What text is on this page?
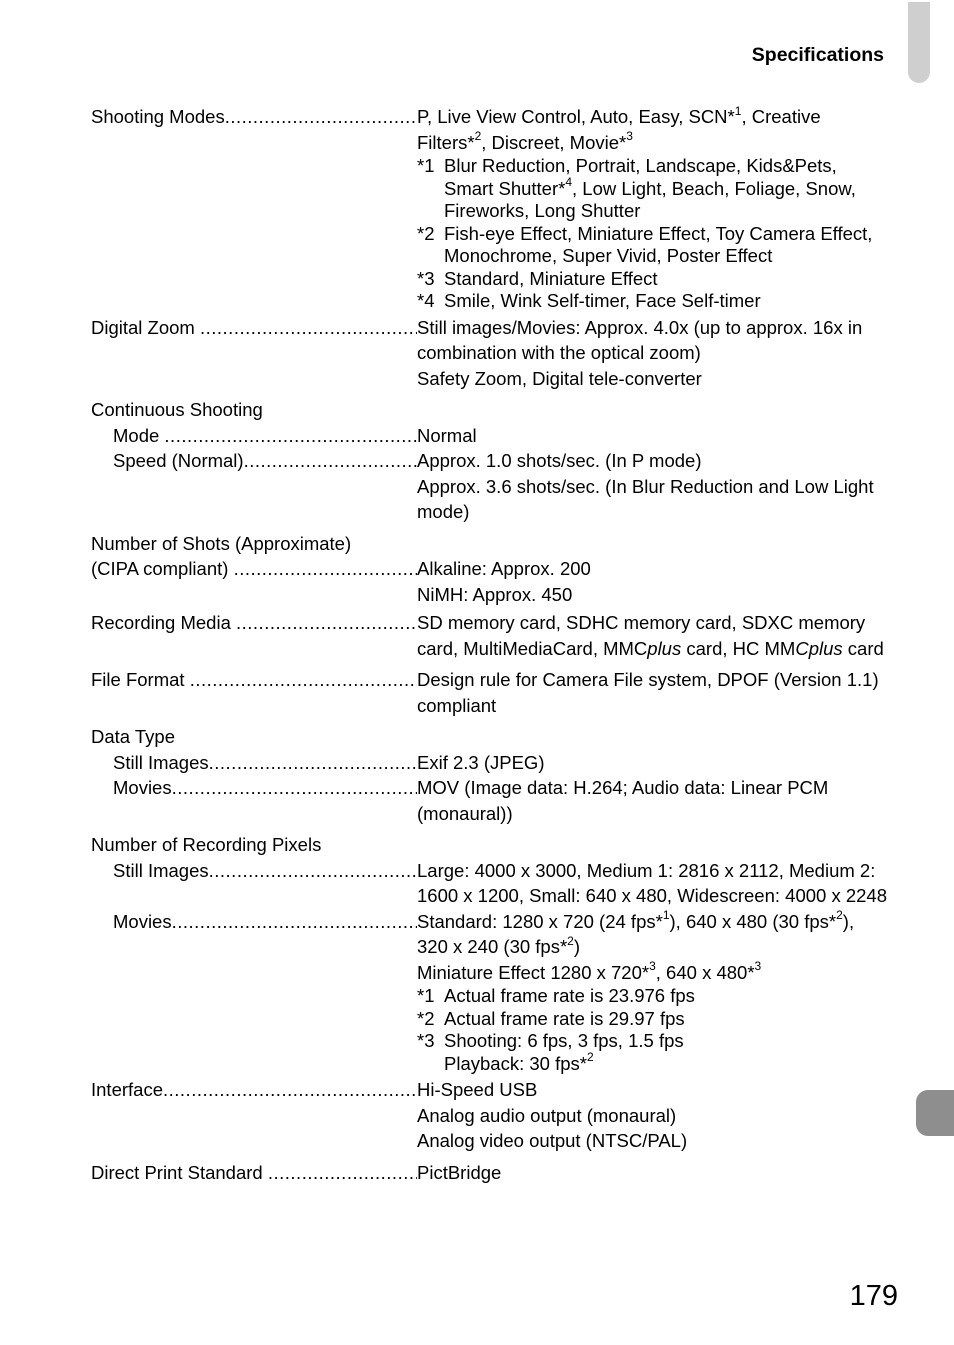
Specifications
Shooting Modes .....	P, Live View Control, Auto, Easy, SCN*$^1$, Creative
Filters*$^2$, Discreet, Movie*$^3$
*1 Blur Reduction, Portrait, Landscape, Kids&Pets,
Smart Shutter*$^4$, Low Light, Beach, Foliage, Snow,
Fireworks, Long Shutter
*2 Fish-eye Effect, Miniature Effect, Toy Camera Effect,
Monochrome, Super Vivid, Poster Effect
*3 Standard, Miniature Effect
*4 Smile, Wink Self-timer, Face Self-timer
Digital Zoom .....	Still images/Movies: Approx. 4.0x (up to approx. 16x in
combination with the optical zoom)
Safety Zoom, Digital tele-converter
Continuous Shooting
Mode .....	Normal
Speed (Normal) .....	Approx. 1.0 shots/sec. (In P mode)
Approx. 3.6 shots/sec. (In Blur Reduction and Low Light
mode)
Number of Shots (Approximate)
(CIPA compliant) .....	Alkaline: Approx. 200
NiMH: Approx. 450
Recording Media .....	SD memory card, SDHC memory card, SDXC memory
card, MultiMediaCard, MMCplus card, HC MMCplus card
File Format .....	Design rule for Camera File system, DPOF (Version 1.1)
compliant
Data Type
Still Images .....	Exif 2.3 (JPEG)
Movies .....	MOV (Image data: H.264; Audio data: Linear PCM
(monaural))
Number of Recording Pixels
Still Images .....	Large: 4000 x 3000, Medium 1: 2816 x 2112, Medium 2:
1600 x 1200, Small: 640 x 480, Widescreen: 4000 x 2248
Movies .....	Standard: 1280 x 720 (24 fps*$^1$), 640 x 480 (30 fps*$^2$),
320 x 240 (30 fps*$^2$)
Miniature Effect 1280 x 720*$^3$, 640 x 480*$^3$
*1 Actual frame rate is 23.976 fps
*2 Actual frame rate is 29.97 fps
*3 Shooting: 6 fps, 3 fps, 1.5 fps
Playback: 30 fps*$^2$
Interface .....	Hi-Speed USB
Analog audio output (monaural)
Analog video output (NTSC/PAL)
Direct Print Standard .....	PictBridge
179
